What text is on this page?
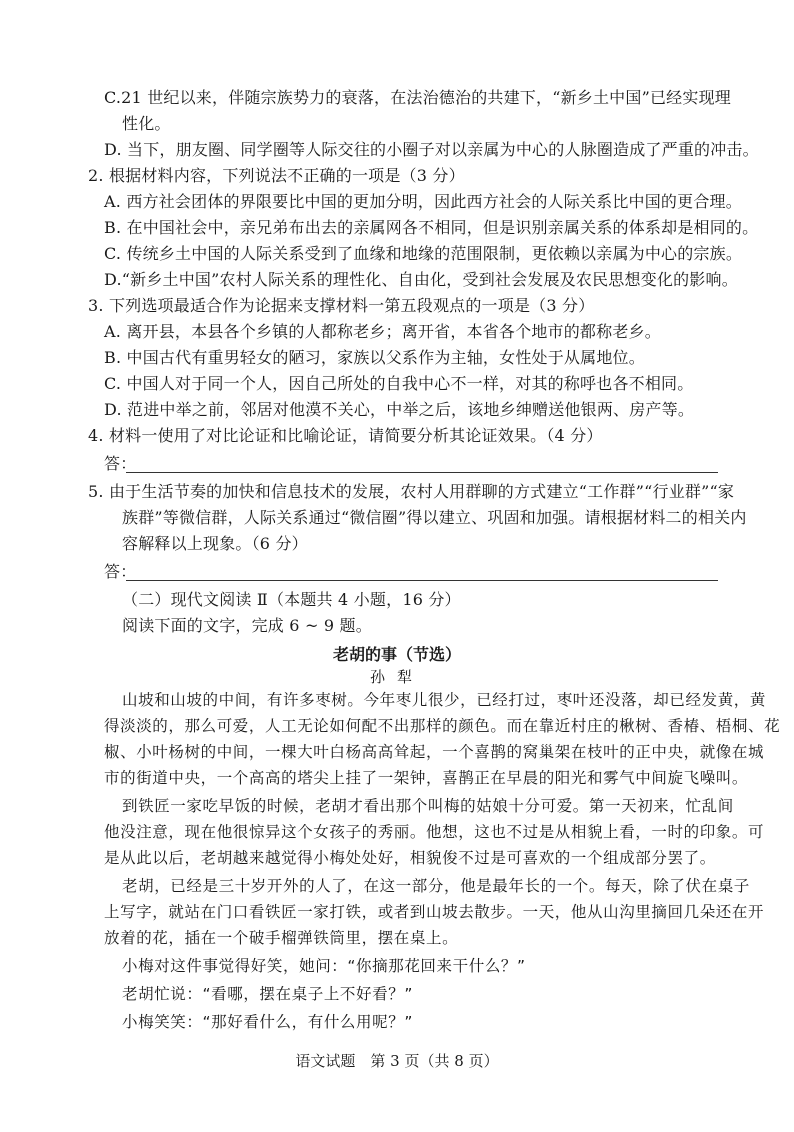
C.21 世纪以来，伴随宗族势力的衰落，在法治德治的共建下，“新乡土中国”已经实现理
性化。
D. 当下，朋友圈、同学圈等人际交往的小圈子对以亲属为中心的人脉圈造成了严重的冲击。
2. 根据材料内容，下列说法不正确的一项是（3 分）
A. 西方社会团体的界限要比中国的更加分明，因此西方社会的人际关系比中国的更合理。
B. 在中国社会中，亲兄弟布出去的亲属网各不相同，但是识别亲属关系的体系却是相同的。
C. 传统乡土中国的人际关系受到了血缘和地缘的范围限制，更依赖以亲属为中心的宗族。
D.“新乡土中国”农村人际关系的理性化、自由化，受到社会发展及农民思想变化的影响。
3. 下列选项最适合作为论据来支撑材料一第五段观点的一项是（3 分）
A. 离开县，本县各个乡镇的人都称老乡；离开省，本省各个地市的都称老乡。
B. 中国古代有重男轻女的陋习，家族以父系作为主轴，女性处于从属地位。
C. 中国人对于同一个人，因自己所处的自我中心不一样，对其的称呼也各不相同。
D. 范进中举之前，邻居对他漠不关心，中举之后，该地乡绅赠送他银两、房产等。
4. 材料一使用了对比论证和比喻论证，请简要分析其论证效果。（4 分）
答：
5. 由于生活节奏的加快和信息技术的发展，农村人用群聊的方式建立“工作群”“行业群”“家
族群”等微信群，人际关系通过“微信圈”得以建立、巩固和加强。请根据材料二的相关内
容解释以上现象。（6 分）
答：
（二）现代文阅读 Ⅱ（本题共 4 小题，16 分）
阅读下面的文字，完成 6 ~ 9 题。
老胡的事（节选）
孙犁
山坡和山坡的中间，有许多枣树。今年枣儿很少，已经打过，枣叶还没落，却已经发黄，黄
得淡淡的，那么可爱，人工无论如何配不出那样的颜色。而在靠近村庄的楸树、香椿、梧桐、花
椒、小叶杨树的中间，一棵大叶白杨高高耸起，一个喜鹊的窝巢架在枝叶的正中央，就像在城
市的街道中央，一个高高的塔尖上挂了一架钟，喜鹊正在早晨的阳光和雾气中间旋飞噪叫。
到铁匠一家吃早饭的时候，老胡才看出那个叫梅的姑娘十分可爱。第一天初来，忙乱间
他没注意，现在他很惊异这个女孩子的秀丽。他想，这也不过是从相貌上看，一时的印象。可
是从此以后，老胡越来越觉得小梅处处好，相貌俊不过是可喜欢的一个组成部分罢了。
老胡，已经是三十岁开外的人了，在这一部分，他是最年长的一个。每天，除了伏在桌子
上写字，就站在门口看铁匠一家打铁，或者到山坡去散步。一天，他从山沟里摘回几朵还在开
放着的花，插在一个破手榴弹铁筒里，摆在桌上。
小梅对这件事觉得好笑，她问：“你摘那花回来干什么？”
老胡忙说：“看哪，摆在桌子上不好看？”
小梅笑笑：“那好看什么，有什么用呢？”
语文试题　第 3 页（共 8 页）
